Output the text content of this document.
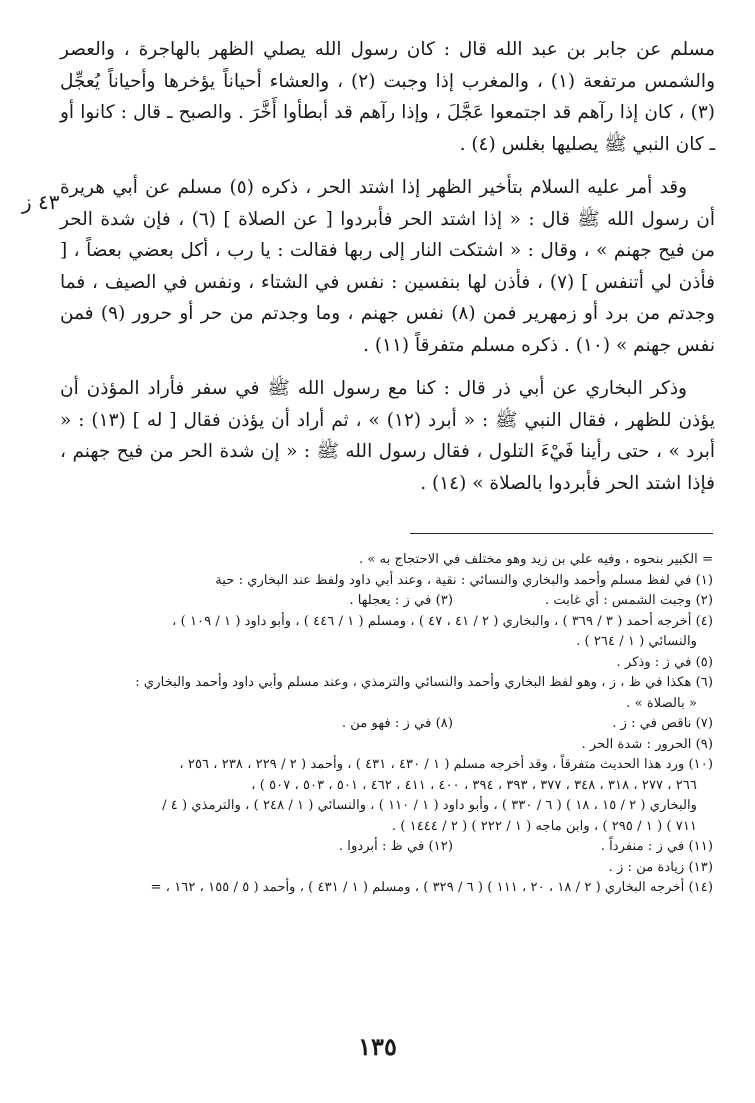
٤٣ ز

مسلم عن جابر بن عبد الله قال : كان رسول الله يصلي الظهر بالهاجرة ، والعصر والشمس مرتفعة (١) ، والمغرب إذا وجبت (٢) ، والعشاء أحياناً يؤخرها وأحياناً يُعجِّل (٣) ، كان إذا رآهم قد اجتمعوا عَجَّلَ ، وإذا رآهم قد أبطأوا أَخَّرَ . والصبح ـ قال : كانوا أو ـ كان النبي ﷺ يصليها بغلس (٤) .

وقد أمر عليه السلام بتأخير الظهر إذا اشتد الحر ، ذكره (٥) مسلم عن أبي هريرة أن رسول الله ﷺ قال : « إذا اشتد الحر فأبردوا [ عن الصلاة ] (٦) ، فإن شدة الحر من فيح جهنم » ، وقال : « اشتكت النار إلى ربها فقالت : يا رب ، أكل بعضي بعضاً ، [ فأذن لي أتنفس ] (٧) ، فأذن لها بنفسين : نفس في الشتاء ، ونفس في الصيف ، فما وجدتم من برد أو زمهرير فمن (٨) نفس جهنم ، وما وجدتم من حر أو حرور (٩) فمن نفس جهنم » (١٠) . ذكره مسلم متفرقاً (١١) .

وذكر البخاري عن أبي ذر قال : كنا مع رسول الله ﷺ في سفر فأراد المؤذن أن يؤذن للظهر ، فقال النبي ﷺ : « أبرد (١٢) » ، ثم أراد أن يؤذن فقال [ له ] (١٣) : « أبرد » ، حتى رأينا فَيْءَ التلول ، فقال رسول الله ﷺ : « إن شدة الحر من فيح جهنم ، فإذا اشتد الحر فأبردوا بالصلاة » (١٤) .

= الكبير بنحوه ، وفيه علي بن زيد وهو مختلف في الاحتجاج به » .

(١) في لفظ مسلم وأحمد والبخاري والنسائي : نقية ، وعند أبي داود ولفظ عند البخاري : حية

(٢) وجبت الشمس : أي غابت .
(٣) في ز : يعجلها .

(٤) أخرجه أحمد ( ٣ / ٣٦٩ ) ، والبخاري ( ٢ / ٤١ ، ٤٧ ) ، ومسلم ( ١ / ٤٤٦ ) ، وأبو داود ( ١ / ١٠٩ ) ،

والنسائي ( ١ / ٢٦٤ ) .

(٥) في ز : وذكر .

(٦) هكذا في ظ ، ز ، وهو لفظ البخاري وأحمد والنسائي والترمذي ، وعند مسلم وأبي داود وأحمد والبخاري :

« بالصلاة » .

(٧) ناقص في : ز .
(٨) في ز : فهو من .

(٩) الحرور : شدة الحر .

(١٠) ورد هذا الحديث متفرقاً ، وقد أخرجه مسلم ( ١ / ٤٣٠ ، ٤٣١ ) ، وأحمد ( ٢ / ٢٢٩ ، ٢٣٨ ، ٢٥٦ ،

٢٦٦ ، ٢٧٧ ، ٣١٨ ، ٣٤٨ ، ٣٧٧ ، ٣٩٣ ، ٣٩٤ ، ٤٠٠ ، ٤١١ ، ٤٦٢ ، ٥٠١ ، ٥٠٣ ، ٥٠٧ ) ،

والبخاري ( ٢ / ١٥ ، ١٨ ) ( ٦ / ٣٣٠ ) ، وأبو داود ( ١ / ١١٠ ) ، والنسائي ( ١ / ٢٤٨ ) ، والترمذي ( ٤ /

٧١١ ) ( ١ / ٢٩٥ ) ، وابن ماجه ( ١ / ٢٢٢ ) ( ٢ / ١٤٤٤ ) .

(١١) في ز : منفرداً .
(١٢) في ظ : أبردوا .

(١٣) زيادة من : ز .

(١٤) أخرجه البخاري ( ٢ / ١٨ ، ٢٠ ، ١١١ ) ( ٦ / ٣٢٩ ) ، ومسلم ( ١ / ٤٣١ ) ، وأحمد ( ٥ / ١٥٥ ، ١٦٢ ، =

١٣٥
